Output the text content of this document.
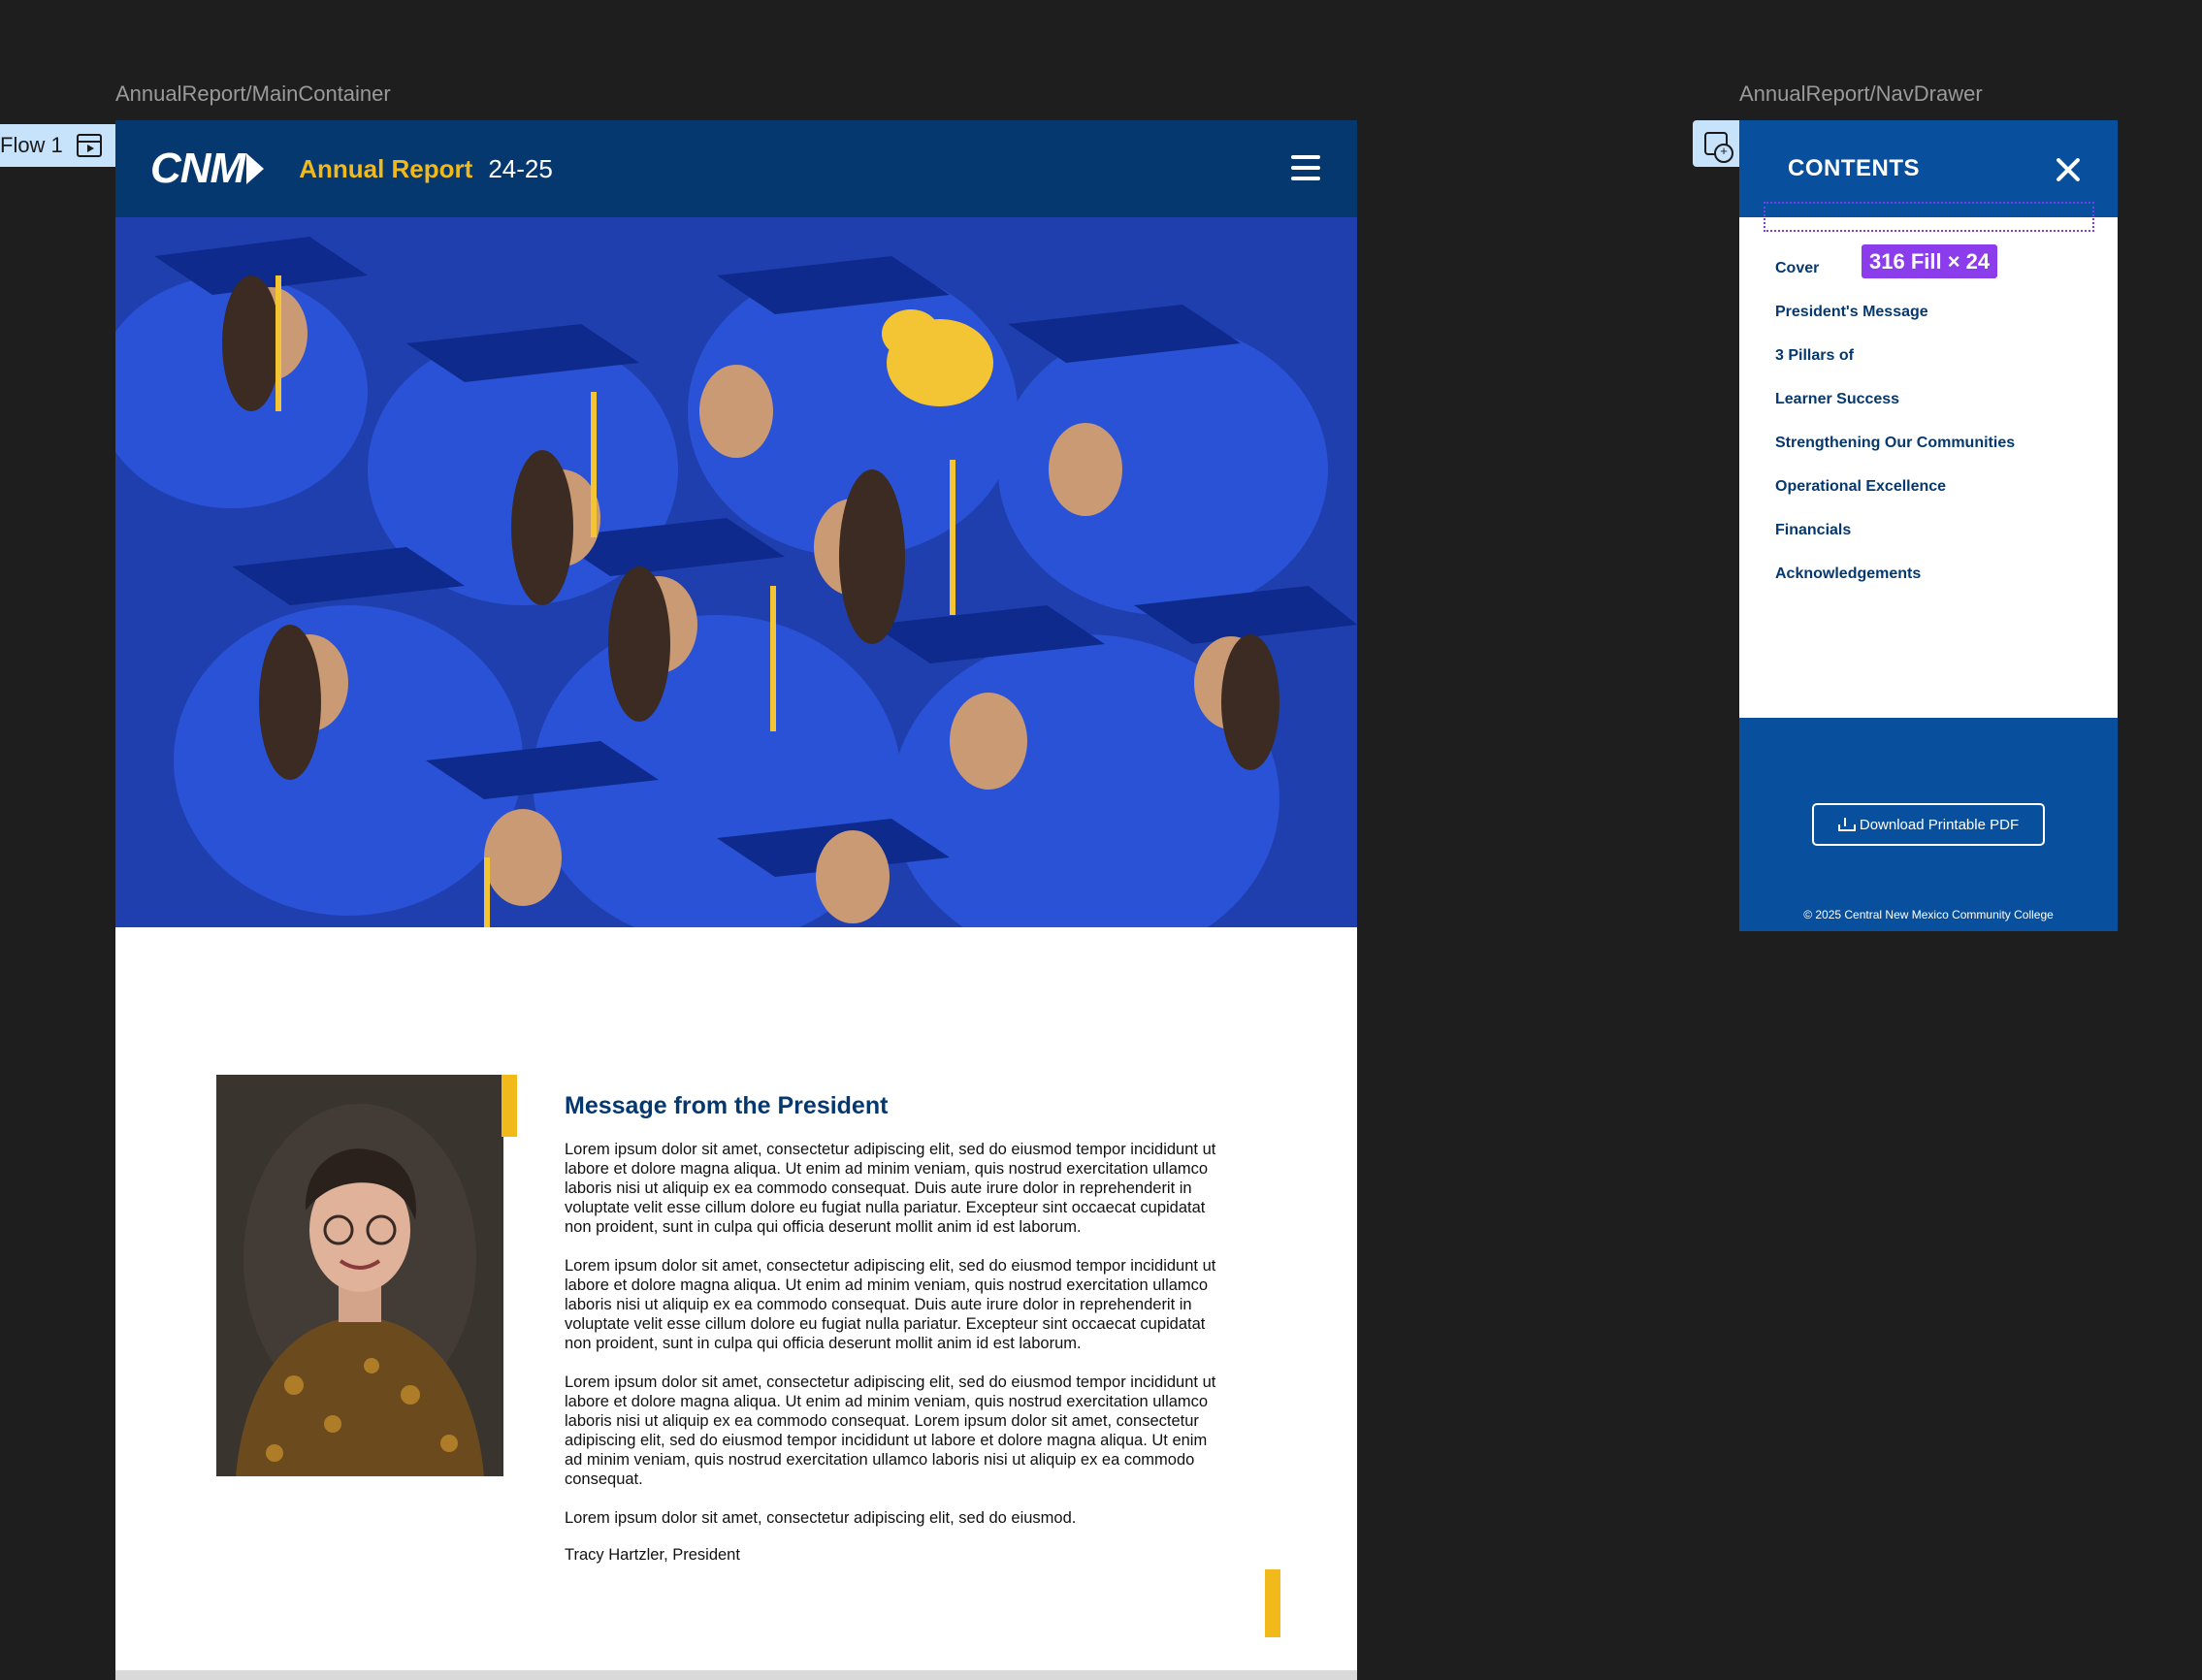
AnnualReport/MainContainer	AnnualReport/NavDrawer
Flow 1 CNM Annual Report 24-25
Message from the President

Lorem ipsum dolor sit amet, consectetur adipiscing elit, sed do eiusmod tempor incididunt ut labore et dolore magna aliqua. Ut enim ad minim veniam, quis nostrud exercitation ullamco laboris nisi ut aliquip ex ea commodo consequat. Duis aute irure dolor in reprehenderit in voluptate velit esse cillum dolore eu fugiat nulla pariatur. Excepteur sint occaecat cupidatat non proident, sunt in culpa qui officia deserunt mollit anim id est laborum.

Lorem ipsum dolor sit amet, consectetur adipiscing elit, sed do eiusmod tempor incididunt ut labore et dolore magna aliqua. Ut enim ad minim veniam, quis nostrud exercitation ullamco laboris nisi ut aliquip ex ea commodo consequat. Duis aute irure dolor in reprehenderit in voluptate velit esse cillum dolore eu fugiat nulla pariatur. Excepteur sint occaecat cupidatat non proident, sunt in culpa qui officia deserunt mollit anim id est laborum.

Lorem ipsum dolor sit amet, consectetur adipiscing elit, sed do eiusmod tempor incididunt ut labore et dolore magna aliqua. Ut enim ad minim veniam, quis nostrud exercitation ullamco laboris nisi ut aliquip ex ea commodo consequat. Lorem ipsum dolor sit amet, consectetur adipiscing elit, sed do eiusmod tempor incididunt ut labore et dolore magna aliqua. Ut enim ad minim veniam, quis nostrud exercitation ullamco laboris nisi ut aliquip ex ea commodo consequat.

Lorem ipsum dolor sit amet, consectetur adipiscing elit, sed do eiusmod.

Tracy Hartzler, President

+
CONTENTS
Cover
President's Message
3 Pillars of
Learner Success
Strengthening Our Communities
Operational Excellence
Financials
Acknowledgements
316 Fill × 24
Download Printable PDF
© 2025 Central New Mexico Community College
